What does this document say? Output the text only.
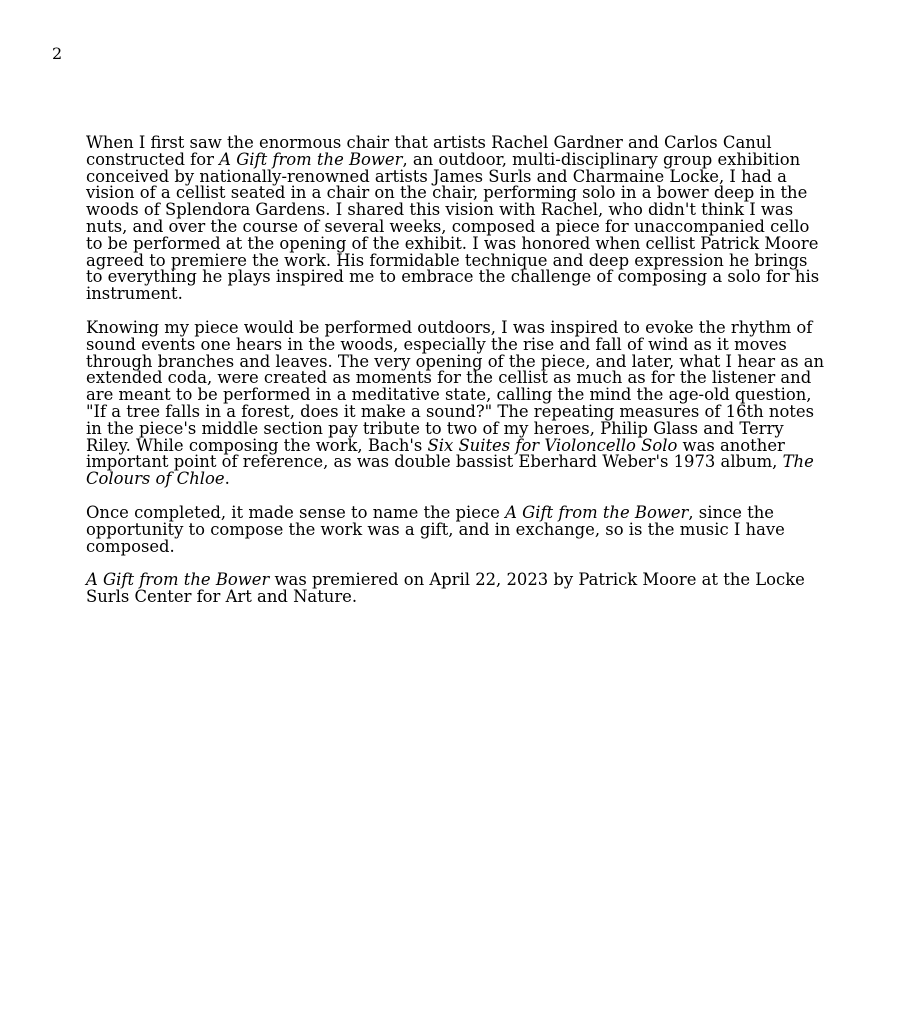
2

When I first saw the enormous chair that artists Rachel Gardner and Carlos Canul constructed for A Gift from the Bower, an outdoor, multi-disciplinary group exhibition conceived by nationally-renowned artists James Surls and Charmaine Locke, I had a vision of a cellist seated in a chair on the chair, performing solo in a bower deep in the woods of Splendora Gardens. I shared this vision with Rachel, who didn't think I was nuts, and over the course of several weeks, composed a piece for unaccompanied cello to be performed at the opening of the exhibit. I was honored when cellist Patrick Moore agreed to premiere the work. His formidable technique and deep expression he brings to everything he plays inspired me to embrace the challenge of composing a solo for his instrument.

Knowing my piece would be performed outdoors, I was inspired to evoke the rhythm of sound events one hears in the woods, especially the rise and fall of wind as it moves through branches and leaves. The very opening of the piece, and later, what I hear as an extended coda, were created as moments for the cellist as much as for the listener and are meant to be performed in a meditative state, calling the mind the age-old question, "If a tree falls in a forest, does it make a sound?" The repeating measures of 16th notes in the piece's middle section pay tribute to two of my heroes, Philip Glass and Terry Riley. While composing the work, Bach's Six Suites for Violoncello Solo was another important point of reference, as was double bassist Eberhard Weber's 1973 album, The Colours of Chloe.

Once completed, it made sense to name the piece A Gift from the Bower, since the opportunity to compose the work was a gift, and in exchange, so is the music I have composed.

A Gift from the Bower was premiered on April 22, 2023 by Patrick Moore at the Locke Surls Center for Art and Nature.
